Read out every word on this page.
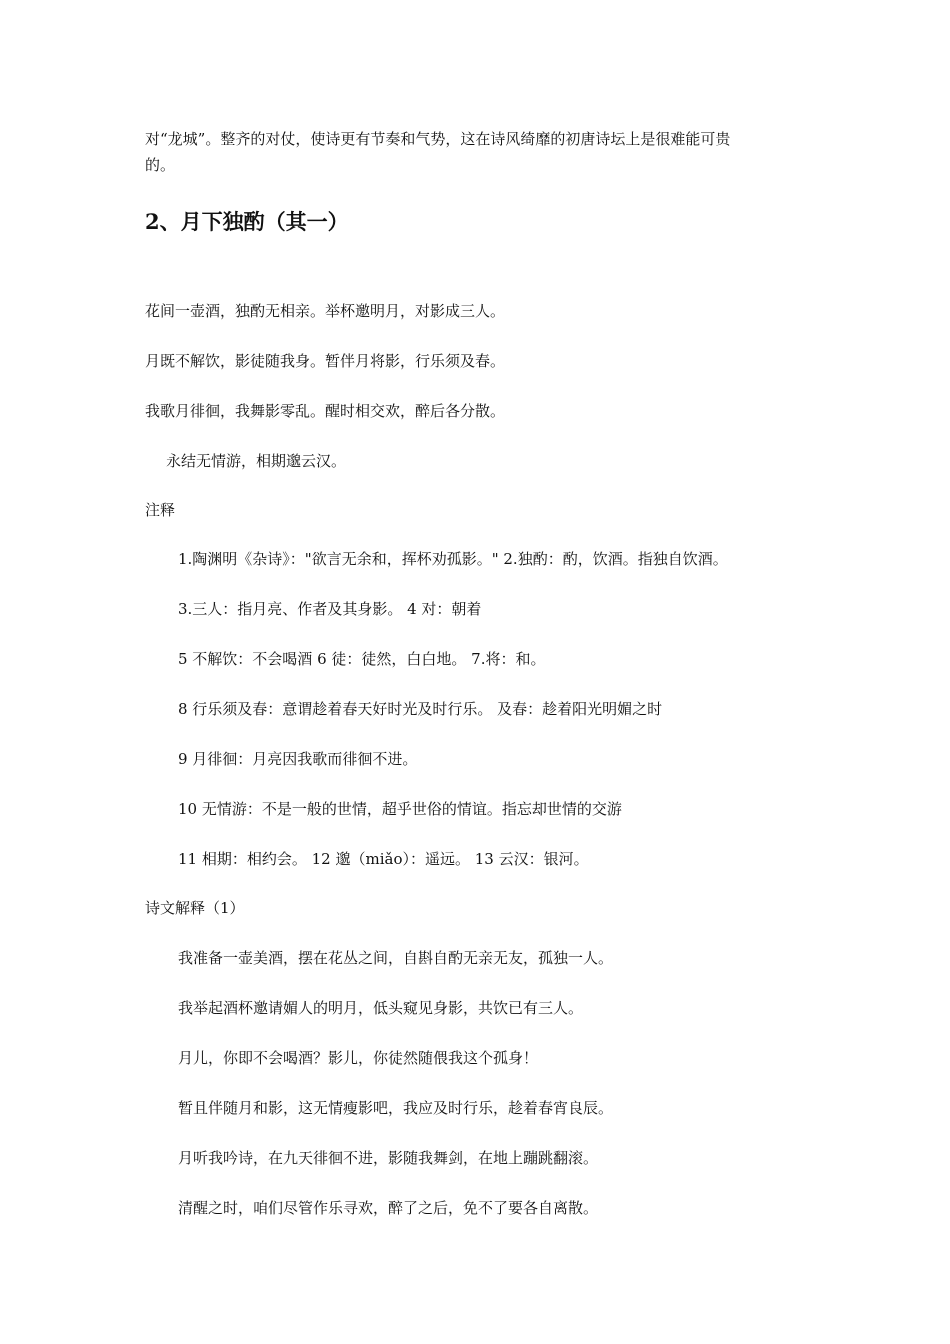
对“龙城”。整齐的对仗，使诗更有节奏和气势，这在诗风绮靡的初唐诗坛上是很难能可贵
的。
2、月下独酌（其一）
花间一壶酒，独酌无相亲。举杯邀明月，对影成三人。
月既不解饮，影徒随我身。暂伴月将影，行乐须及春。
我歌月徘徊，我舞影零乱。醒时相交欢，醉后各分散。
永结无情游，相期邈云汉。
注释
1.陶渊明《杂诗》："欲言无余和，挥杯劝孤影。" 2.独酌：酌，饮酒。指独自饮酒。
3.三人：指月亮、作者及其身影。 4 对：朝着
5 不解饮：不会喝酒 6 徒：徒然，白白地。 7.将：和。
8 行乐须及春：意谓趁着春天好时光及时行乐。 及春：趁着阳光明媚之时
9 月徘徊：月亮因我歌而徘徊不进。
10 无情游：不是一般的世情，超乎世俗的情谊。指忘却世情的交游
11 相期：相约会。 12 邈（miǎo）：遥远。 13 云汉：银河。
诗文解释（1）
我准备一壶美酒，摆在花丛之间，自斟自酌无亲无友，孤独一人。
我举起酒杯邀请媚人的明月，低头窥见身影，共饮已有三人。
月儿，你即不会喝酒？影儿，你徒然随偎我这个孤身！
暂且伴随月和影，这无情瘦影吧，我应及时行乐，趁着春宵良辰。
月听我吟诗，在九天徘徊不进，影随我舞剑，在地上蹦跳翻滚。
清醒之时，咱们尽管作乐寻欢，醉了之后，免不了要各自离散。
